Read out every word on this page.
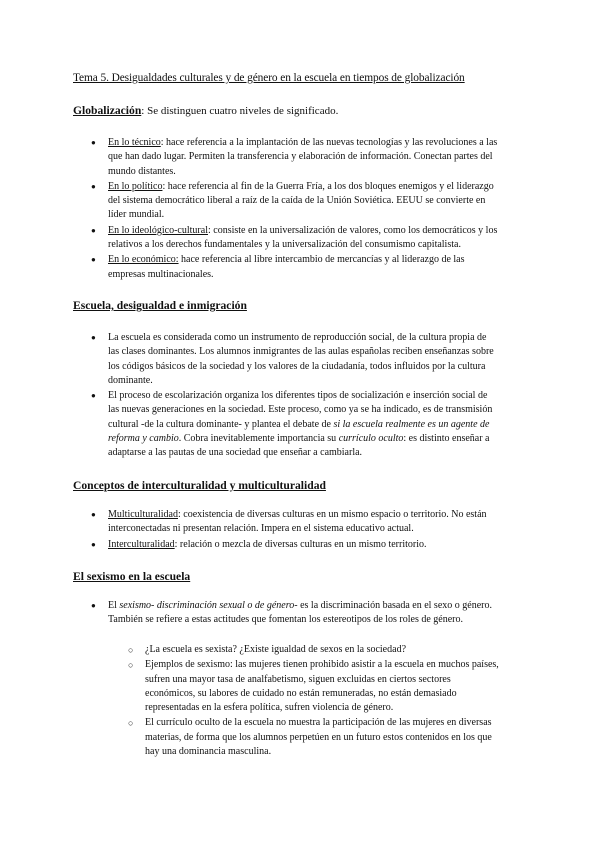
Tema 5. Desigualdades culturales y de género en la escuela en tiempos de globalización
Globalización: Se distinguen cuatro niveles de significado.
● En lo técnico: hace referencia a la implantación de las nuevas tecnologías y las revoluciones a las que han dado lugar. Permiten la transferencia y elaboración de información. Conectan partes del mundo distantes.
● En lo político: hace referencia al fin de la Guerra Fría, a los dos bloques enemigos y el liderazgo del sistema democrático liberal a raíz de la caída de la Unión Soviética. EEUU se convierte en líder mundial.
● En lo ideológico-cultural: consiste en la universalización de valores, como los democráticos y los relativos a los derechos fundamentales y la universalización del consumismo capitalista.
● En lo económico: hace referencia al libre intercambio de mercancías y al liderazgo de las empresas multinacionales.
Escuela, desigualdad e inmigración
● La escuela es considerada como un instrumento de reproducción social, de la cultura propia de las clases dominantes. Los alumnos inmigrantes de las aulas españolas reciben enseñanzas sobre los códigos básicos de la sociedad y los valores de la ciudadanía, todos influidos por la cultura dominante.
● El proceso de escolarización organiza los diferentes tipos de socialización e inserción social de las nuevas generaciones en la sociedad. Este proceso, como ya se ha indicado, es de transmisión cultural -de la cultura dominante- y plantea el debate de si la escuela realmente es un agente de reforma y cambio. Cobra inevitablemente importancia su currículo oculto: es distinto enseñar a adaptarse a las pautas de una sociedad que enseñar a cambiarla.
Conceptos de interculturalidad y multiculturalidad
● Multiculturalidad: coexistencia de diversas culturas en un mismo espacio o territorio. No están interconectadas ni presentan relación. Impera en el sistema educativo actual.
● Interculturalidad: relación o mezcla de diversas culturas en un mismo territorio.
El sexismo en la escuela
● El sexismo- discriminación sexual o de género- es la discriminación basada en el sexo o género. También se refiere a estas actitudes que fomentan los estereotipos de los roles de género.
○ ¿La escuela es sexista? ¿Existe igualdad de sexos en la sociedad?
○ Ejemplos de sexismo: las mujeres tienen prohibido asistir a la escuela en muchos países, sufren una mayor tasa de analfabetismo, siguen excluidas en ciertos sectores económicos, su labores de cuidado no están remuneradas, no están demasiado representadas en la esfera política, sufren violencia de género.
○ El currículo oculto de la escuela no muestra la participación de las mujeres en diversas materias, de forma que los alumnos perpetúen en un futuro estos contenidos en los que hay una dominancia masculina.
